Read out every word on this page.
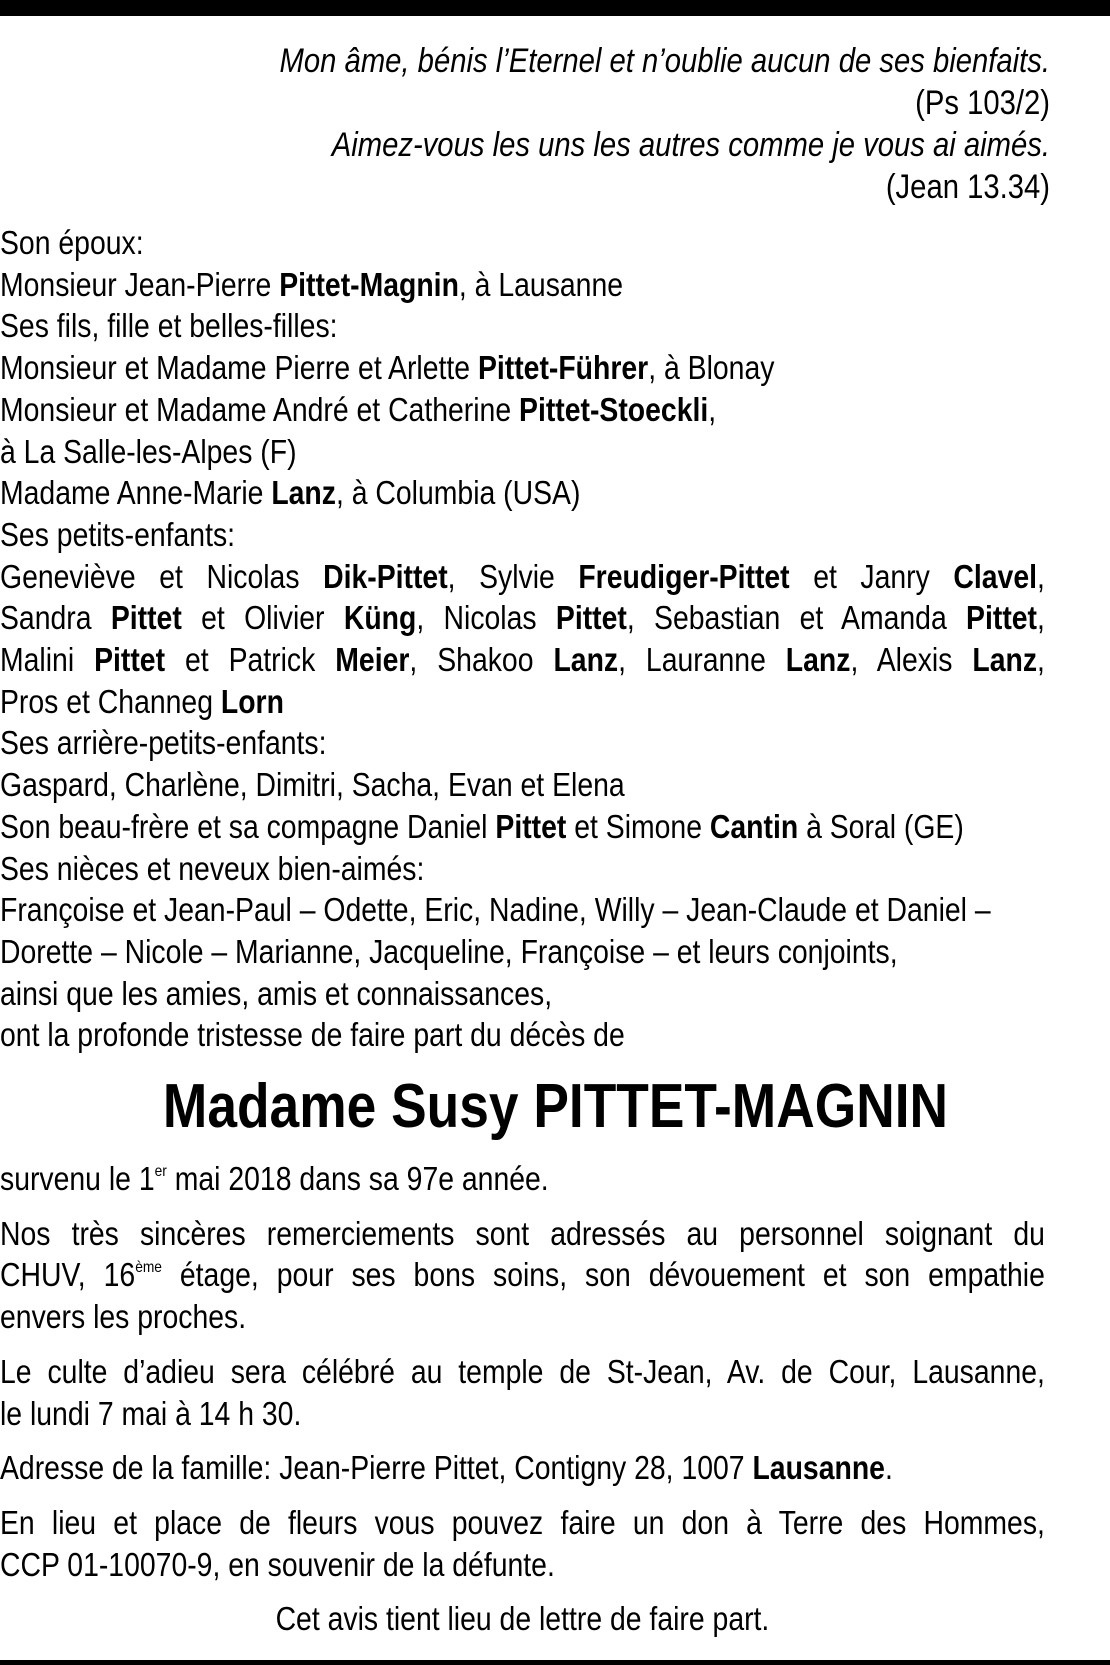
Mon âme, bénis l’Eternel et n’oublie aucun de ses bienfaits.
(Ps 103/2)
Aimez-vous les uns les autres comme je vous ai aimés.
(Jean 13.34)
Son époux:
Monsieur Jean-Pierre Pittet-Magnin, à Lausanne
Ses fils, fille et belles-filles:
Monsieur et Madame Pierre et Arlette Pittet-Führer, à Blonay
Monsieur et Madame André et Catherine Pittet-Stoeckli,
à La Salle-les-Alpes (F)
Madame Anne-Marie Lanz, à Columbia (USA)
Ses petits-enfants:
Geneviève et Nicolas Dik-Pittet, Sylvie Freudiger-Pittet et Janry Clavel,
Sandra Pittet et Olivier Küng, Nicolas Pittet, Sebastian et Amanda Pittet,
Malini Pittet et Patrick Meier, Shakoo Lanz, Lauranne Lanz, Alexis Lanz,
Pros et Channeg Lorn
Ses arrière-petits-enfants:
Gaspard, Charlène, Dimitri, Sacha, Evan et Elena
Son beau-frère et sa compagne Daniel Pittet et Simone Cantin à Soral (GE)
Ses nièces et neveux bien-aimés:
Françoise et Jean-Paul – Odette, Eric, Nadine, Willy – Jean-Claude et Daniel –
Dorette – Nicole – Marianne, Jacqueline, Françoise – et leurs conjoints,
ainsi que les amies, amis et connaissances,
ont la profonde tristesse de faire part du décès de
Madame Susy PITTET-MAGNIN

survenu le 1er mai 2018 dans sa 97e année.

Nos très sincères remerciements sont adressés au personnel soignant du
CHUV, 16ème étage, pour ses bons soins, son dévouement et son empathie
envers les proches.

Le culte d’adieu sera célébré au temple de St-Jean, Av. de Cour, Lausanne,
le lundi 7 mai à 14 h 30.

Adresse de la famille: Jean-Pierre Pittet, Contigny 28, 1007 Lausanne.

En lieu et place de fleurs vous pouvez faire un don à Terre des Hommes,
CCP 01-10070-9, en souvenir de la défunte.

Cet avis tient lieu de lettre de faire part.
